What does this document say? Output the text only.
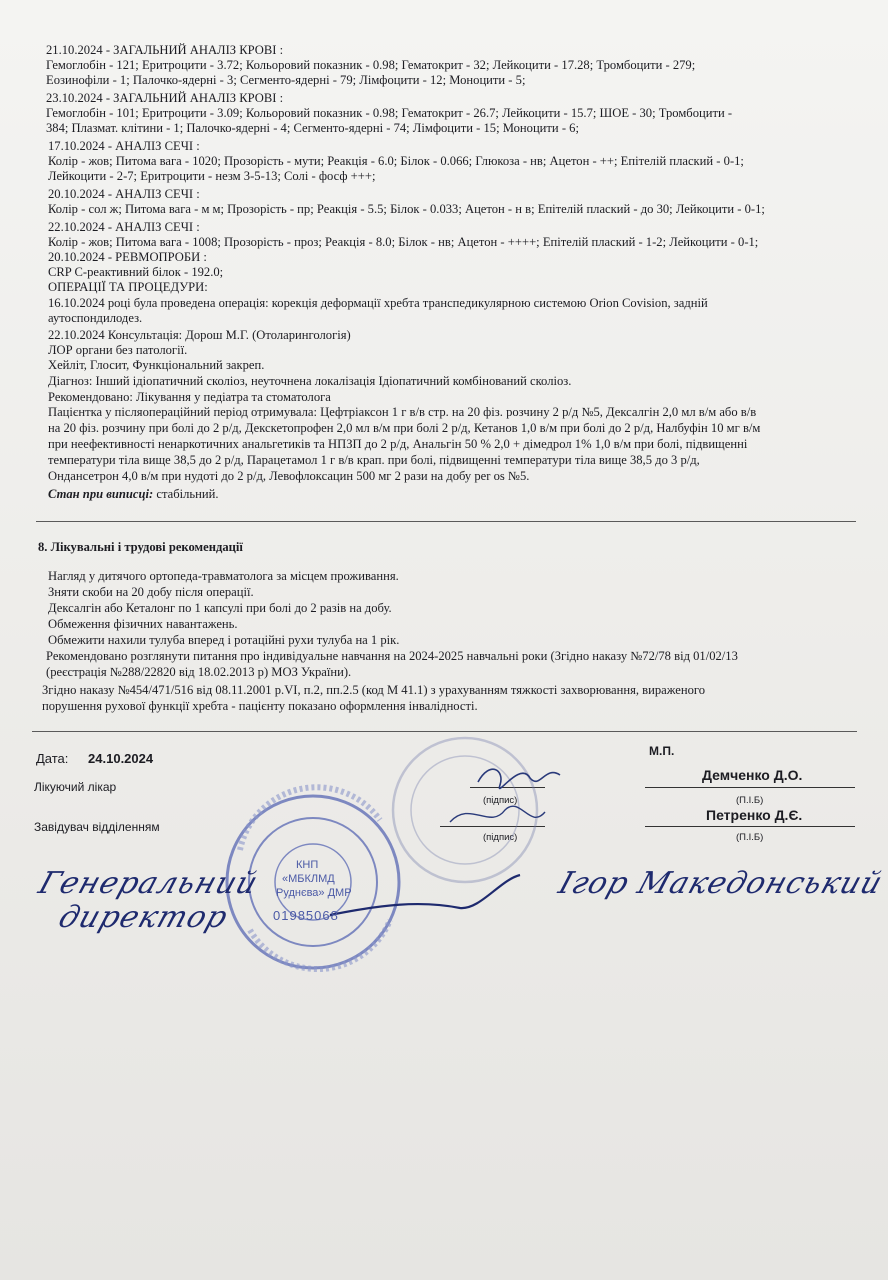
21.10.2024 - ЗАГАЛЬНИЙ АНАЛІЗ КРОВІ :
Гемоглобін - 121; Еритроцити - 3.72; Кольоровий показник - 0.98; Гематокрит - 32; Лейкоцити - 17.28; Тромбоцити - 279;
Еозинофіли - 1; Палочко-ядерні - 3; Сегменто-ядерні - 79; Лімфоцити - 12; Моноцити - 5;
23.10.2024 - ЗАГАЛЬНИЙ АНАЛІЗ КРОВІ :
Гемоглобін - 101; Еритроцити - 3.09; Кольоровий показник - 0.98; Гематокрит - 26.7; Лейкоцити - 15.7; ШОЕ - 30; Тромбоцити -
384; Плазмат. клітини - 1; Палочко-ядерні - 4; Сегменто-ядерні - 74; Лімфоцити - 15; Моноцити - 6;
17.10.2024 - АНАЛІЗ СЕЧІ :
Колір - жов; Питома вага - 1020; Прозорість - мути; Реакція - 6.0; Білок - 0.066; Глюкоза - нв; Ацетон - ++; Епітелій плаский - 0-1;
Лейкоцити - 2-7; Еритроцити - незм 3-5-13; Солі - фосф +++;
20.10.2024 - АНАЛІЗ СЕЧІ :
Колір - сол ж; Питома вага - м м; Прозорість - пр; Реакція - 5.5; Білок - 0.033; Ацетон - н в; Епітелій плаский - до 30; Лейкоцити - 0-1;
22.10.2024 - АНАЛІЗ СЕЧІ :
Колір - жов; Питома вага - 1008; Прозорість - проз; Реакція - 8.0; Білок - нв; Ацетон - ++++; Епітелій плаский - 1-2; Лейкоцити - 0-1;
20.10.2024 - РЕВМОПРОБИ :
CRP С-реактивний білок - 192.0;
ОПЕРАЦІЇ ТА ПРОЦЕДУРИ:
16.10.2024 році була проведена операція: корекція деформації хребта транспедикулярною системою Orion Covision, задній
аутоспондилодез.
22.10.2024 Консультація: Дорош М.Г. (Отоларингологія)
ЛОР органи без патології.
Хейліт, Глосит, Функціональний закреп.
Діагноз: Інший ідіопатичний сколіоз, неуточнена локалізація Ідіопатичний комбінований сколіоз.
Рекомендовано: Лікування у педіатра та стоматолога
Пацієнтка у післяопераційний період отримувала: Цефтріаксон 1 г в/в стр. на 20 фіз. розчину 2 р/д №5, Дексалгін 2,0 мл в/м або в/в
на 20 фіз. розчину при болі до 2 р/д, Декскетопрофен 2,0 мл в/м при болі 2 р/д, Кетанов 1,0 в/м при болі до 2 р/д, Налбуфін 10 мг в/м
при неефективності ненаркотичних анальгетиків та НПЗП до 2 р/д, Анальгін 50 % 2,0 + дімедрол 1% 1,0 в/м при болі, підвищенні
температури тіла вище 38,5 до 2 р/д, Парацетамол 1 г в/в крап. при болі, підвищенні температури тіла вище 38,5 до 3 р/д,
Ондансетрон 4,0 в/м при нудоті до 2 р/д, Левофлоксацин 500 мг 2 рази на добу per os №5.
Стан при виписці: стабільний.
8. Лікувальні і трудові рекомендації
Нагляд у дитячого ортопеда-травматолога за місцем проживання.
Зняти скоби на 20 добу після операції.
Дексалгін або Кеталонг по 1 капсулі при болі до 2 разів на добу.
Обмеження фізичних навантажень.
Обмежити нахили тулуба вперед і ротаційні рухи тулуба на 1 рік.
Рекомендовано розглянути питання про індивідуальне навчання на 2024-2025 навчальні роки (Згідно наказу №72/78 від 01/02/13
(реєстрація №288/22820 від 18.02.2013 р) МОЗ України).
Згідно наказу №454/471/516 від 08.11.2001 р.VI, п.2, пп.2.5 (код M 41.1) з урахуванням тяжкості захворювання, вираженого
порушення рухової функції хребта - пацієнту показано оформлення інвалідності.
Дата: 24.10.2024	М.П.
Лікуючий лікар
Демченко Д.О.
(П.І.Б)
(підпис)
Завідувач відділенням
Петренко Д.Є.
(П.І.Б)
(підпис)
КНП
«МБКЛМД
Руднєва» ДМР
01985068
Генеральний
директор
Ігор Македонський
